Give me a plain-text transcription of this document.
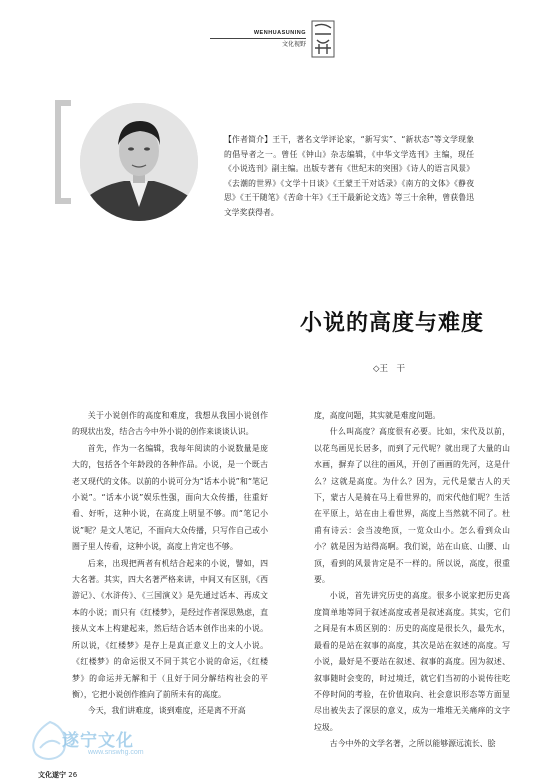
WENHUASUNING
文化视野
【作者简介】王干，著名文学评论家，“新写实”、“新状态”等文学现象的倡导者之一。曾任《钟山》杂志编辑，《中华文学选刊》主编，现任《小说选刊》副主编。出版专著有《世纪末的突围》《诗人的语言风景》《去潮的世界》《文学十日谈》《王蒙王干对话录》《南方的文体》《静夜思》《王干随笔》《苦命十年》《王干最新论文选》等三十余种，曾获鲁迅文学奖获得者。
小说的高度与难度
◇王　干

关于小说创作的高度和难度，我想从我国小说创作的现状出发，结合古今中外小说的创作来谈谈认识。

首先，作为一名编辑，我每年阅读的小说数量是庞大的，包括各个年龄段的各种作品。小说，是一个既古老又现代的文体。以前的小说可分为“话本小说”和“笔记小说”。“话本小说”娱乐性强，面向大众传播，往重好看、好听，这种小说，在高度上明显不够。而“笔记小说”呢？是文人笔记，不面向大众传播，只写作自己或小圈子里人传看，这种小说，高度上肯定也不够。

后来，出现把两者有机结合起来的小说，譬如，四大名著。其实，四大名著严格来讲，中间又有区别，《西游记》、《水浒传》、《三国演义》是先通过话本、再成文本的小说；而只有《红楼梦》，是经过作者深思熟虑，直接从文本上构建起来，然后结合话本创作出来的小说。所以说，《红楼梦》是存上是真正意义上的文人小说。《红楼梦》的命运很又不同于其它小说的命运，《红楼梦》的命运并无解和于（且好于同分解结构社会的平衡），它把小说创作推向了前所未有的高度。

今天，我们讲难度，谈到难度，还是离不开高

度，高度问题，其实就是难度问题。

什么叫高度？高度很有必要。比如，宋代及以前，以花鸟画见长居多，而到了元代呢？就出现了大量的山水画，摒弃了以往的画风，开创了画画的先河，这是什么？这就是高度。为什么？因为，元代是蒙古人的天下，蒙古人是骑在马上看世界的，而宋代他们呢？生活在平原上，站在由上看世界，高度上当然就不同了。杜甫有诗云：会当凌绝顶，一览众山小。怎么看到众山小？就是因为站得高啊。我们说，站在山底、山腰、山顶，看到的风景肯定是不一样的。所以说，高度，很重要。

小说，首先讲究历史的高度。很多小说家把历史高度简单地等同于叙述高度或者是叙述高度。其实，它们之间是有本质区别的：历史的高度是很长久，最先水，最看的是站在叙事的高度，其次是站在叙述的高度。写小说，最好是不要站在叙述、叙事的高度。因为叙述、叙事随时会变的，时过境迁，就它们当初的小说传往吃不停时间的考验，在价值取向、社会意识形态等方面显尽出被失去了深层的意义，成为一堆堆无关痛痒的文字垃圾。

古今中外的文学名著，之所以能够源远流长、脍

文化遂宁 26
遂宁文化
www.snswhg.com
